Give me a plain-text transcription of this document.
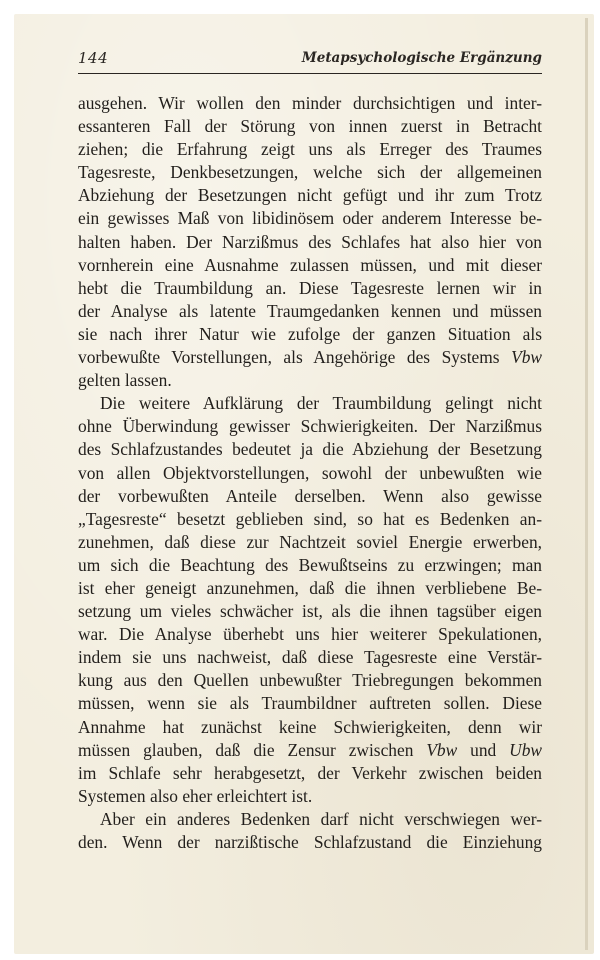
144	Metapsychologische Ergänzung
ausgehen. Wir wollen den minder durchsichtigen und inter-
essanteren Fall der Störung von innen zuerst in Betracht
ziehen; die Erfahrung zeigt uns als Erreger des Traumes
Tagesreste, Denkbesetzungen, welche sich der allgemeinen
Abziehung der Besetzungen nicht gefügt und ihr zum Trotz
ein gewisses Maß von libidinösem oder anderem Interesse be-
halten haben. Der Narzißmus des Schlafes hat also hier von
vornherein eine Ausnahme zulassen müssen, und mit dieser
hebt die Traumbildung an. Diese Tagesreste lernen wir in
der Analyse als latente Traumgedanken kennen und müssen
sie nach ihrer Natur wie zufolge der ganzen Situation als
vorbewußte Vorstellungen, als Angehörige des Systems Vbw
gelten lassen.
Die weitere Aufklärung der Traumbildung gelingt nicht
ohne Überwindung gewisser Schwierigkeiten. Der Narzißmus
des Schlafzustandes bedeutet ja die Abziehung der Besetzung
von allen Objektvorstellungen, sowohl der unbewußten wie
der vorbewußten Anteile derselben. Wenn also gewisse
„Tagesreste“ besetzt geblieben sind, so hat es Bedenken an-
zunehmen, daß diese zur Nachtzeit soviel Energie erwerben,
um sich die Beachtung des Bewußtseins zu erzwingen; man
ist eher geneigt anzunehmen, daß die ihnen verbliebene Be-
setzung um vieles schwächer ist, als die ihnen tagsüber eigen
war. Die Analyse überhebt uns hier weiterer Spekulationen,
indem sie uns nachweist, daß diese Tagesreste eine Verstär-
kung aus den Quellen unbewußter Triebregungen bekommen
müssen, wenn sie als Traumbildner auftreten sollen. Diese
Annahme hat zunächst keine Schwierigkeiten, denn wir
müssen glauben, daß die Zensur zwischen Vbw und Ubw
im Schlafe sehr herabgesetzt, der Verkehr zwischen beiden
Systemen also eher erleichtert ist.
Aber ein anderes Bedenken darf nicht verschwiegen wer-
den. Wenn der narzißtische Schlafzustand die Einziehung
